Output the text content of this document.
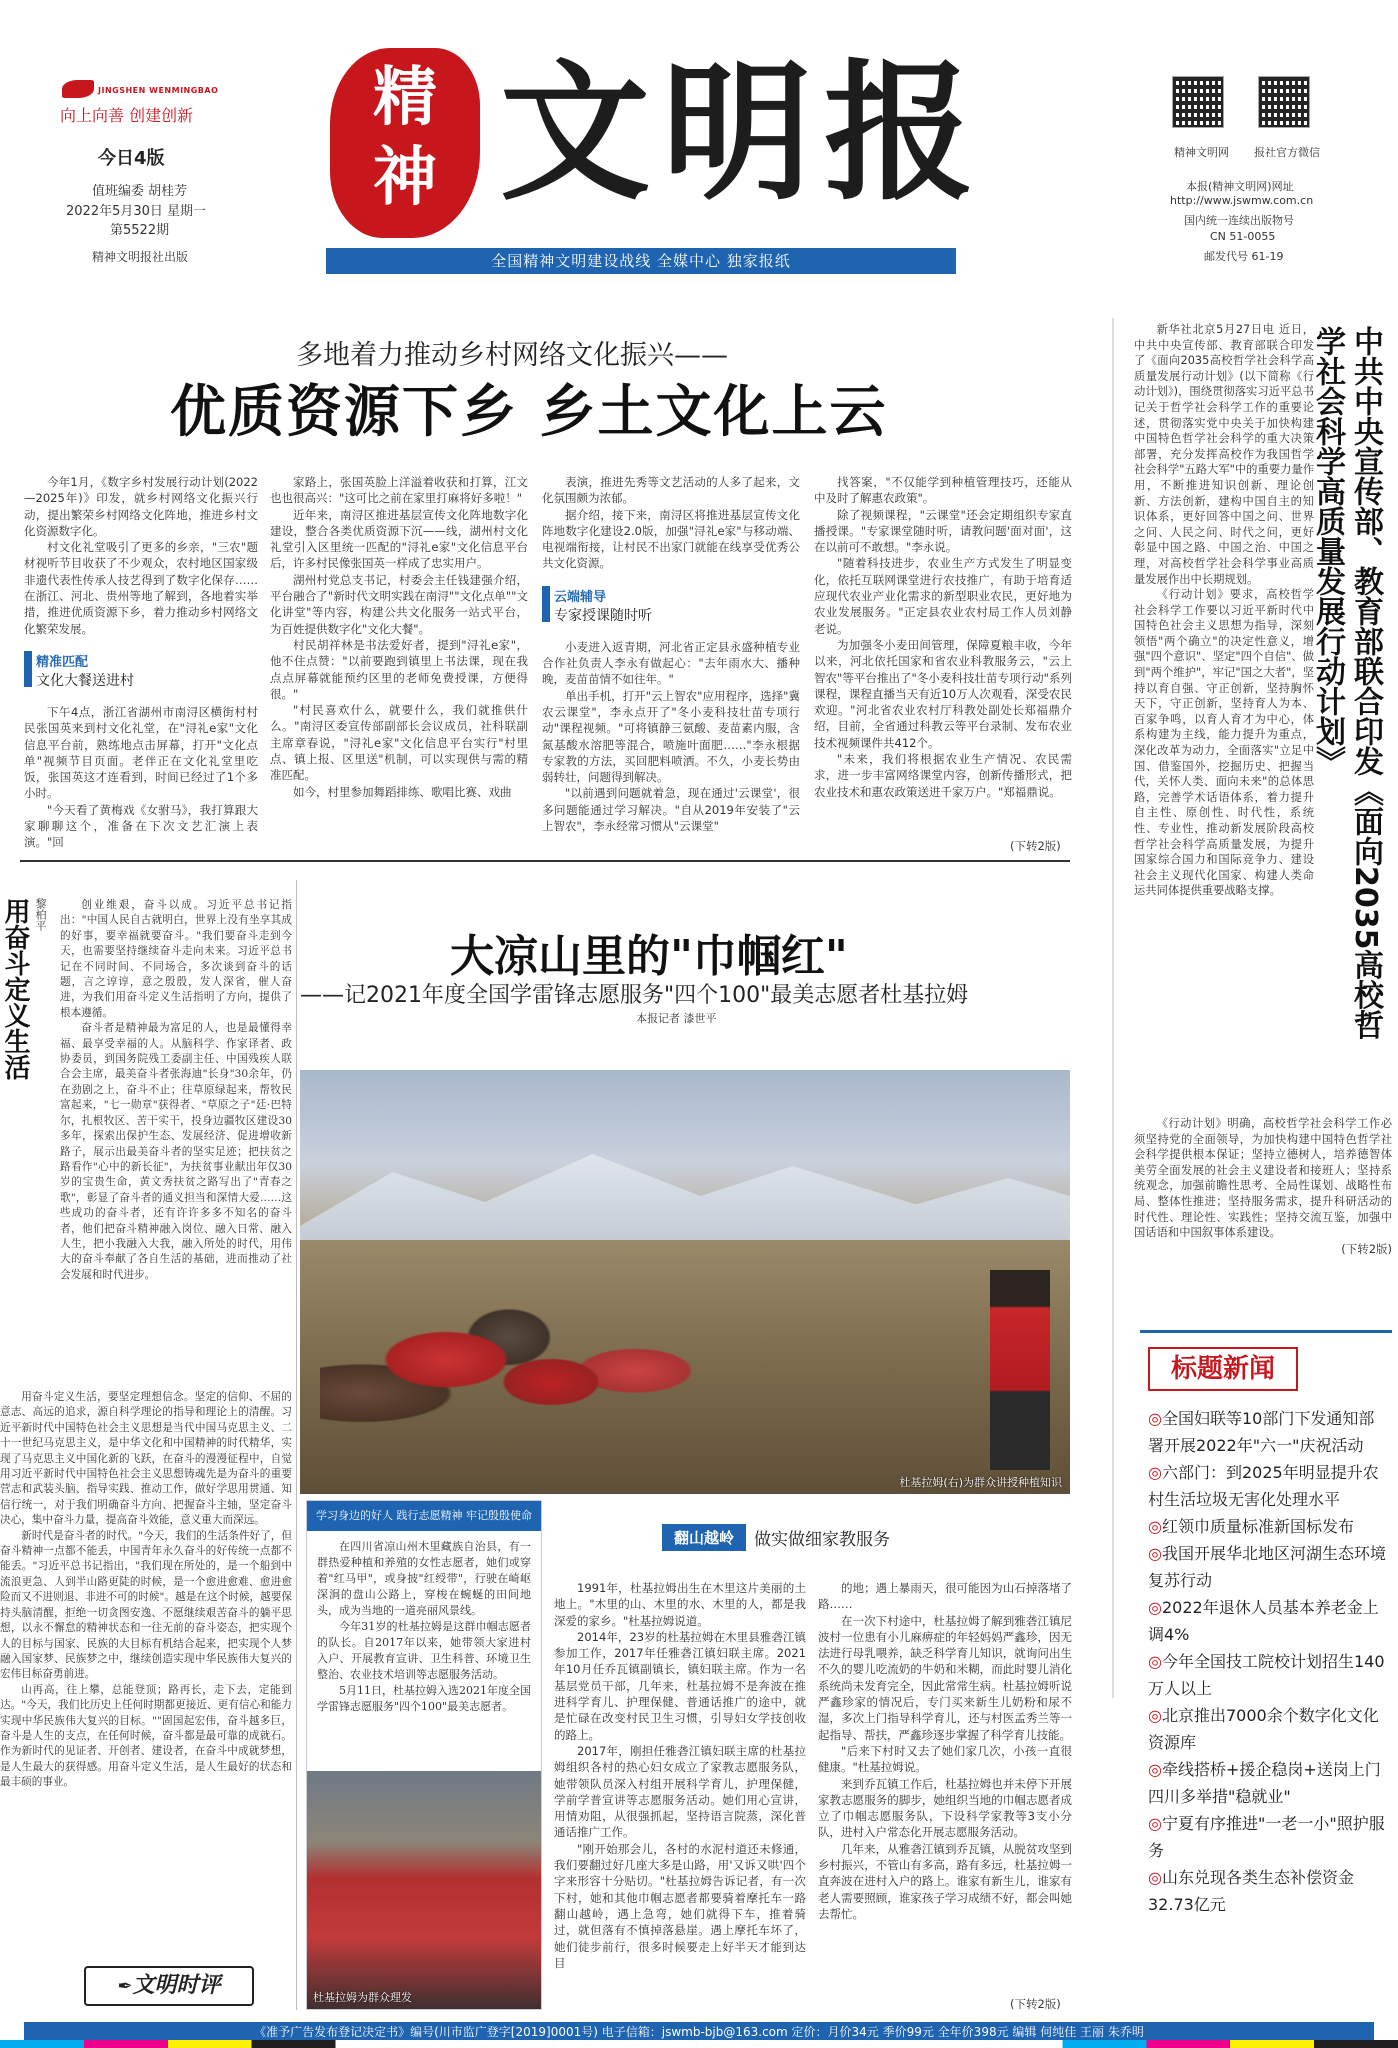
JINGSHEN WENMINGBAO
向上向善 创建创新
今日4版
值班编委 胡桂芳
2022年5月30日 星期一
第5522期
精神文明报社出版
精神 文明报
全国精神文明建设战线 全媒中心 独家报纸
精神文明网 报社官方微信
本报(精神文明网)网址
http://www.jswmw.com.cn
国内统一连续出版物号
CN 51-0055
邮发代号 61-19
多地着力推动乡村网络文化振兴——
优质资源下乡 乡土文化上云

今年1月，《数字乡村发展行动计划(2022—2025年)》印发，就乡村网络文化振兴行动，提出繁荣乡村网络文化阵地，推进乡村文化资源数字化。

村文化礼堂吸引了更多的乡亲，"三农"题材视听节目收获了不少观众，农村地区国家级非遗代表性传承人技艺得到了数字化保存……在浙江、河北、贵州等地了解到，各地着实举措，推进优质资源下乡，着力推动乡村网络文化繁荣发展。

精准匹配
文化大餐送进村

下午4点，浙江省湖州市南浔区横街村村民张国英来到村文化礼堂，在"浔礼e家"文化信息平台前，熟练地点击屏幕，打开"文化点单"视频节目页面。老伴正在文化礼堂里吃饭，张国英这才连看到，时间已经过了1个多小时。

"今天看了黄梅戏《女驸马》，我打算跟大家聊聊这个，准备在下次文艺汇演上表演。"回

家路上，张国英脸上洋溢着收获和打算，江文也也很高兴："这可比之前在家里打麻将好多啦！"

近年来，南浔区推进基层宣传文化阵地数字化建设，整合各类优质资源下沉——线，湖州村文化礼堂引入区里统一匹配的"浔礼e家"文化信息平台后，许多村民像张国英一样成了忠实用户。

湖州村党总支书记，村委会主任钱建强介绍，平台融合了"新时代文明实践在南浔""文化点单""文化讲堂"等内容，构建公共文化服务一站式平台，为百姓提供数字化"文化大餐"。

村民胡祥林是书法爱好者，提到"浔礼e家"，他不住点赞："以前要跑到镇里上书法课，现在我点点屏幕就能预约区里的老师免费授课，方便得很。"

"村民喜欢什么，就要什么，我们就推供什么。"南浔区委宣传部副部长会议成员，社科联副主席章春说，"浔礼e家"文化信息平台实行"村里点、镇上报、区里送"机制，可以实现供与需的精准匹配。

如今，村里参加舞蹈排练、歌唱比赛、戏曲

表演，推进先秀等文艺活动的人多了起来，文化氛围颇为浓郁。

据介绍，接下来，南浔区将推进基层宣传文化阵地数字化建设2.0版，加强"浔礼e家"与移动端、电视端衔接，让村民不出家门就能在线享受优秀公共文化资源。

云端辅导
专家授课随时听

小麦进入返青期，河北省正定县永盛种植专业合作社负责人李永有做起心："去年雨水大、播种晚，麦苗苗情不如往年。"

单出手机，打开"云上智农"应用程序，选择"冀农云课堂"，李永点开了"冬小麦科技壮苗专项行动"课程视频。"可将镇静三氨酸、麦苗素内服，含氮基酸水溶肥等混合，喷施叶面肥……"李永根据专家教的方法，买回肥料喷洒。不久，小麦长势由弱转壮，问题得到解决。

"以前遇到问题就着急，现在通过'云课堂'，很多问题能通过学习解决。"自从2019年安装了"云上智农"，李永经常习惯从"云课堂"

找答案，"不仅能学到种植管理技巧，还能从中及时了解惠农政策"。

除了视频课程，"云课堂"还会定期组织专家直播授课。"专家课堂随时听，请教问题'面对面'，这在以前可不敢想。"李永说。

"随着科技进步，农业生产方式发生了明显变化，依托互联网课堂进行农技推广，有助于培育适应现代农业产业化需求的新型职业农民，更好地为农业发展服务。"正定县农业农村局工作人员刘静老说。

为加强冬小麦田间管理，保障夏粮丰收，今年以来，河北依托国家和省农业科教服务云，"云上智农"等平台推出了"冬小麦科技壮苗专项行动"系列课程，课程直播当天有近10万人次观看，深受农民欢迎。"河北省农业农村厅科教处副处长郑福鼎介绍，目前，全省通过科教云等平台录制、发布农业技术视频课件共412个。

"未来，我们将根据农业生产情况、农民需求，进一步丰富网络课堂内容，创新传播形式，把农业技术和惠农政策送进千家万户。"郑福鼎说。

(下转2版)	中共中央宣传部、教育部联合印发《面向2035高校哲学社会科学高质量发展行动计划》

新华社北京5月27日电 近日，中共中央宣传部、教育部联合印发了《面向2035高校哲学社会科学高质量发展行动计划》(以下简称《行动计划》)，围绕贯彻落实习近平总书记关于哲学社会科学工作的重要论述，贯彻落实党中央关于加快构建中国特色哲学社会科学的重大决策部署，充分发挥高校作为我国哲学社会科学"五路大军"中的重要力量作用，不断推进知识创新、理论创新、方法创新，建构中国自主的知识体系，更好回答中国之问、世界之问、人民之问、时代之问，更好彰显中国之路、中国之治、中国之理，对高校哲学社会科学事业高质量发展作出中长期规划。

《行动计划》要求，高校哲学社会科学工作要以习近平新时代中国特色社会主义思想为指导，深刻领悟"两个确立"的决定性意义，增强"四个意识"、坚定"四个自信"、做到"两个维护"，牢记"国之大者"，坚持以育自强、守正创新，坚持胸怀天下，守正创新，坚持育人为本、百家争鸣，以育人育才为中心，体系构建为主线，能力提升为重点，深化改革为动力，全面落实"立足中国、借鉴国外，挖掘历史、把握当代，关怀人类、面向未来"的总体思路，完善学术话语体系，着力提升自主性、原创性、时代性，系统性、专业性，推动新发展阶段高校哲学社会科学高质量发展，为提升国家综合国力和国际竞争力、建设社会主义现代化国家、构建人类命运共同体提供重要战略支撑。

《行动计划》明确，高校哲学社会科学工作必须坚持党的全面领导，为加快构建中国特色哲学社会科学提供根本保证；坚持立德树人，培养德智体美劳全面发展的社会主义建设者和接班人；坚持系统观念，加强前瞻性思考、全局性谋划、战略性布局、整体性推进；坚持服务需求，提升科研活动的时代性、理论性、实践性；坚持交流互鉴，加强中国话语和中国叙事体系建设。

(下转2版)
标题新闻
◎全国妇联等10部门下发通知部署开展2022年"六一"庆祝活动
◎六部门：到2025年明显提升农村生活垃圾无害化处理水平
◎红领巾质量标准新国标发布
◎我国开展华北地区河湖生态环境复苏行动
◎2022年退休人员基本养老金上调4%
◎今年全国技工院校计划招生140万人以上
◎北京推出7000余个数字化文化资源库
◎牵线搭桥+援企稳岗+送岗上门 四川多举措"稳就业"
◎宁夏有序推进"一老一小"照护服务
◎山东兑现各类生态补偿资金32.73亿元
用奋斗定义生活 黎柏平	创业维艰，奋斗以成。习近平总书记指出："中国人民自古就明白，世界上没有坐享其成的好事，要幸福就要奋斗。"我们要奋斗走到今天，也需要坚持继续奋斗走向未来。习近平总书记在不同时间、不同场合，多次谈到奋斗的话题，言之谆谆，意之殷殷，发人深省，催人奋进，为我们用奋斗定义生活指明了方向，提供了根本遵循。

奋斗者是精神最为富足的人，也是最懂得幸福、最享受幸福的人。从脑科学、作家译者、政协委员，到国务院残工委副主任、中国残疾人联合会主席，最美奋斗者张海迪"长身"30余年，仍在劲剧之上，奋斗不止；往草原绿起来，帮牧民富起来，"七一勋章"获得者、"草原之子"廷·巴特尔，扎根牧区、苦干实干，投身边疆牧区建设30多年，探索出保护生态、发展经济、促进增收新路子，展示出最美奋斗者的坚实足迹；把扶贫之路看作"心中的新长征"，为扶贫事业献出年仅30岁的宝贵生命，黄文秀扶贫之路写出了"青春之歌"，彰显了奋斗者的通义担当和深情大爱……这些成功的奋斗者，还有许许多多不知名的奋斗者，他们把奋斗精神融入岗位、融入日常、融入人生，把小我融入大我，融入所处的时代，用伟大的奋斗奉献了各自生活的基础，进而推动了社会发展和时代进步。

用奋斗定义生活，要坚定理想信念。坚定的信仰、不屈的意志、高远的追求，源自科学理论的指导和理论上的清醒。习近平新时代中国特色社会主义思想是当代中国马克思主义、二十一世纪马克思主义，是中华文化和中国精神的时代精华，实现了马克思主义中国化新的飞跃，在奋斗的漫漫征程中，自觉用习近平新时代中国特色社会主义思想铸魂先是为奋斗的重要营志和武装头脑、指导实践、推动工作，做好学思用贯通、知信行统一，对于我们明确奋斗方向、把握奋斗主轴，坚定奋斗决心，集中奋斗力量，提高奋斗效能，意义重大而深远。

新时代是奋斗者的时代。"今天，我们的生活条件好了，但奋斗精神一点都不能丢，中国青年永久奋斗的好传统一点都不能丢。"习近平总书记指出，"我们现在所处的，是一个船到中流浪更急、人到半山路更陡的时候，是一个愈进愈难、愈进愈险而又不进则退、非进不可的时候"。越是在这个时候，越要保持头脑清醒，拒绝一切贪图安逸、不愿继续艰苦奋斗的躺平思想，以永不懈怠的精神状态和一往无前的奋斗姿态，把实现个人的目标与国家、民族的大目标有机结合起来，把实现个人梦融入国家梦、民族梦之中，继续创造实现中华民族伟大复兴的宏伟目标奋勇前进。

山再高，往上攀，总能登顶；路再长，走下去，定能到达。"今天，我们比历史上任何时期都更接近、更有信心和能力实现中华民族伟大复兴的目标。""固国起宏伟，奋斗越多巨，奋斗是人生的支点，在任何时候，奋斗都是最可靠的成就石。作为新时代的见证者、开创者、建设者，在奋斗中成就梦想，是人生最大的获得感。用奋斗定义生活，是人生最好的状态和最丰硕的事业。

✒文明时评
大凉山里的"巾帼红"
——记2021年度全国学雷锋志愿服务"四个100"最美志愿者杜基拉姆
本报记者 漆世平
杜基拉姆(右)为群众讲授种植知识
学习身边的好人 践行志愿精神 牢记殷殷使命

在四川省凉山州木里藏族自治县，有一群热爱种植和养殖的女性志愿者，她们或穿着"红马甲"，或身披"红绶带"，行驶在崎岖深涧的盘山公路上，穿梭在蜿蜒的田间地头，成为当地的一道亮丽风景线。

今年31岁的杜基拉姆是这群巾帼志愿者的队长。自2017年以来，她带领大家进村入户、开展教育宣讲、卫生科普、环境卫生整治、农业技术培训等志愿服务活动。

5月11日，杜基拉姆入选2021年度全国学雷锋志愿服务"四个100"最美志愿者。

杜基拉姆为群众理发
翻山越岭	做实做细家教服务

1991年，杜基拉姆出生在木里这片美丽的土地上。"木里的山、木里的水、木里的人，都是我深爱的家乡。"杜基拉姆说道。

2014年，23岁的杜基拉姆在木里县雅砻江镇参加工作，2017年任雅砻江镇妇联主席。2021年10月任乔瓦镇副镇长，镇妇联主席。作为一名基层党员干部，几年来，杜基拉姆不是奔波在推进科学育儿、护理保健、普通话推广的途中，就是忙碌在改变村民卫生习惯，引导妇女学技创收的路上。

2017年，刚担任雅砻江镇妇联主席的杜基拉姆组织各村的热心妇女成立了家教志愿服务队，她带领队员深入村组开展科学育儿，护理保健，学前学普宣讲等志愿服务活动。她们用心宣讲，用情劝阻，从很强抓起，坚持语言院蒸，深化普通话推广工作。

"刚开始那会儿，各村的水泥村道还未修通，我们要翻过好几座大多是山路，用'又诉又哄'四个字来形容十分贴切。"杜基拉姆告诉记者，有一次下村，她和其他巾帼志愿者都要骑着摩托车一路翻山越岭，遇上急弯，她们就得下车，推着骑过，就但落有不慎掉落悬崖。遇上摩托车坏了，她们徒步前行，很多时候要走上好半天才能到达目

的地；遇上暴雨天，很可能因为山石掉落堵了路……

在一次下村途中，杜基拉姆了解到雅砻江镇尼波村一位患有小儿麻痹症的年轻妈妈严鑫珍，因无法进行母乳喂养，缺乏科学育儿知识，就询问出生不久的婴儿吃流奶的牛奶和米糊，而此时婴儿消化系统尚未发育完全，因此常常生病。杜基拉姆听说严鑫珍家的情况后，专门买来新生儿奶粉和尿不湿，多次上门指导科学育儿，还与村医孟秀兰等一起指导、帮扶，严鑫珍逐步掌握了科学育儿技能。

"后来下村时又去了她们家几次，小孩一直很健康。"杜基拉姆说。

来到乔瓦镇工作后，杜基拉姆也并未停下开展家教志愿服务的脚步，她组织当地的巾帼志愿者成立了巾帼志愿服务队，下设科学家教等3支小分队，进村入户常态化开展志愿服务活动。

几年来，从雅砻江镇到乔瓦镇，从脱贫攻坚到乡村振兴，不管山有多高，路有多远，杜基拉姆一直奔波在进村入户的路上。谁家有新生儿，谁家有老人需要照顾，谁家孩子学习成绩不好，都会叫她去帮忙。

(下转2版)
《准予广告发布登记决定书》编号(川市监广登字[2019]0001号) 电子信箱：jswmb-bjb@163.com 定价：月价34元 季价99元 全年价398元 编辑 何纯佳 王丽 朱乔明
